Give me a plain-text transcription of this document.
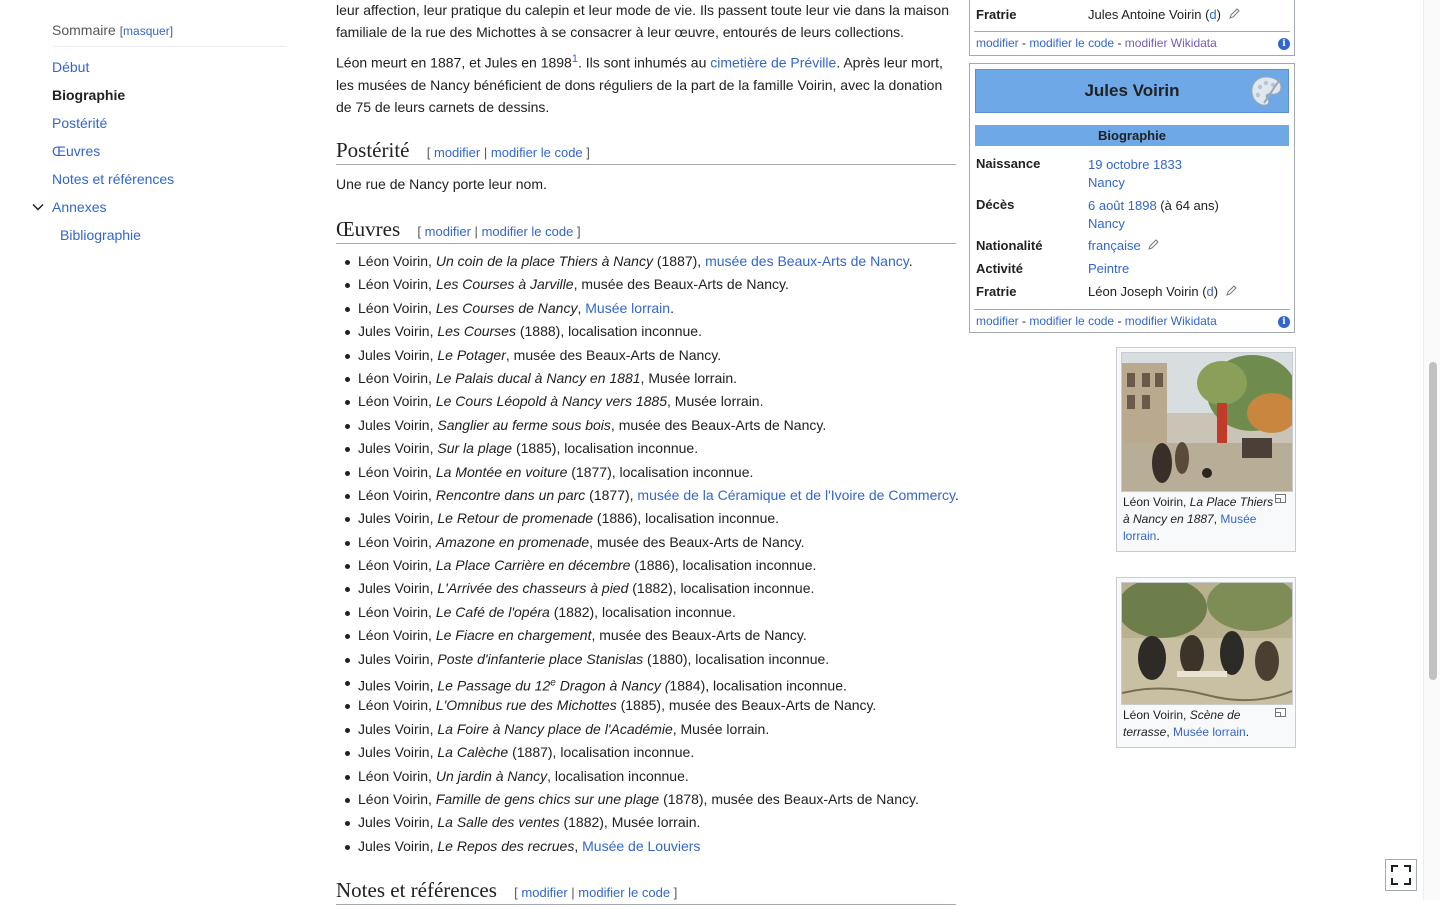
Sommaire [masquer]
Début
Biographie
Postérité
Œuvres
Notes et références
Annexes
Bibliographie

leur affection, leur pratique du calepin et leur mode de vie. Ils passent toute leur vie dans la maison
familiale de la rue des Michottes à se consacrer à leur œuvre, entourés de leurs collections.

Léon meurt en 1887, et Jules en 1898$^1$. Ils sont inhumés au cimetière de Préville. Après leur mort, les musées de Nancy bénéficient de dons réguliers de la part de la famille Voirin, avec la donation de 75 de leurs carnets de dessins.

Postérité [ modifier | modifier le code ]
Une rue de Nancy porte leur nom.
Œuvres [ modifier | modifier le code ]
Léon Voirin, Un coin de la place Thiers à Nancy (1887), musée des Beaux-Arts de Nancy.
Léon Voirin, Les Courses à Jarville, musée des Beaux-Arts de Nancy.
Léon Voirin, Les Courses de Nancy, Musée lorrain.
Jules Voirin, Les Courses (1888), localisation inconnue.
Jules Voirin, Le Potager, musée des Beaux-Arts de Nancy.
Léon Voirin, Le Palais ducal à Nancy en 1881, Musée lorrain.
Léon Voirin, Le Cours Léopold à Nancy vers 1885, Musée lorrain.
Jules Voirin, Sanglier au ferme sous bois, musée des Beaux-Arts de Nancy.
Jules Voirin, Sur la plage (1885), localisation inconnue.
Léon Voirin, La Montée en voiture (1877), localisation inconnue.
Léon Voirin, Rencontre dans un parc (1877), musée de la Céramique et de l'Ivoire de Commercy.
Jules Voirin, Le Retour de promenade (1886), localisation inconnue.
Léon Voirin, Amazone en promenade, musée des Beaux-Arts de Nancy.
Léon Voirin, La Place Carrière en décembre (1886), localisation inconnue.
Jules Voirin, L'Arrivée des chasseurs à pied (1882), localisation inconnue.
Léon Voirin, Le Café de l'opéra (1882), localisation inconnue.
Léon Voirin, Le Fiacre en chargement, musée des Beaux-Arts de Nancy.
Jules Voirin, Poste d'infanterie place Stanislas (1880), localisation inconnue.
Jules Voirin, Le Passage du 12e Dragon à Nancy (1884), localisation inconnue.
Léon Voirin, L'Omnibus rue des Michottes (1885), musée des Beaux-Arts de Nancy.
Jules Voirin, La Foire à Nancy place de l'Académie, Musée lorrain.
Jules Voirin, La Calèche (1887), localisation inconnue.
Léon Voirin, Un jardin à Nancy, localisation inconnue.
Léon Voirin, Famille de gens chics sur une plage (1878), musée des Beaux-Arts de Nancy.
Jules Voirin, La Salle des ventes (1882), Musée lorrain.
Jules Voirin, Le Repos des recrues, Musée de Louviers
Notes et références [ modifier | modifier le code ]
Fratrie	Jules Antoine Voirin (d)
modifier - modifier le code - modifier Wikidata	i
Jules Voirin
Biographie
Naissance	19 octobre 1833
Nancy
Décès	6 août 1898 (à 64 ans)
Nancy
Nationalité	française
Activité	Peintre
Fratrie	Léon Joseph Voirin (d)
modifier - modifier le code - modifier Wikidata	i
Léon Voirin, La Place Thiers à Nancy en 1887, Musée lorrain.
Léon Voirin, Scène de terrasse, Musée lorrain.
